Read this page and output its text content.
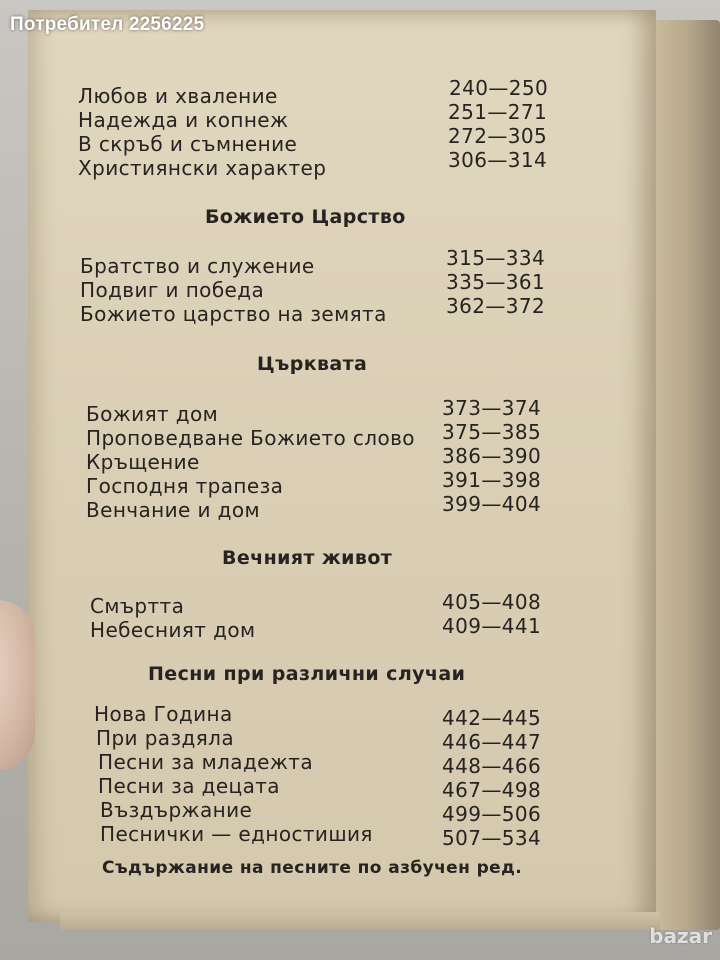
Любов и хваление	240—250
Надежда и копнеж	251—271
В скръб и съмнение	272—305
Християнски характер	306—314
Божието Царство
Братство и служение	315—334
Подвиг и победа	335—361
Божието царство на земята	362—372
Църквата
Божият дом	373—374
Проповедване Божието слово 375—385
Кръщение	386—390
Господня трапеза	391—398
Венчание и дом	399—404
Вечният живот
Смъртта	405—408
Небесният дом	409—441
Песни при различни случаи
Нова Година	442—445
При раздяла	446—447
Песни за младежта	448—466
Песни за децата	467—498
Въздържание	499—506
Песнички — едностишия	507—534
Съдържание на песните по азбучен ред.
Потребител 2256225
bazar
